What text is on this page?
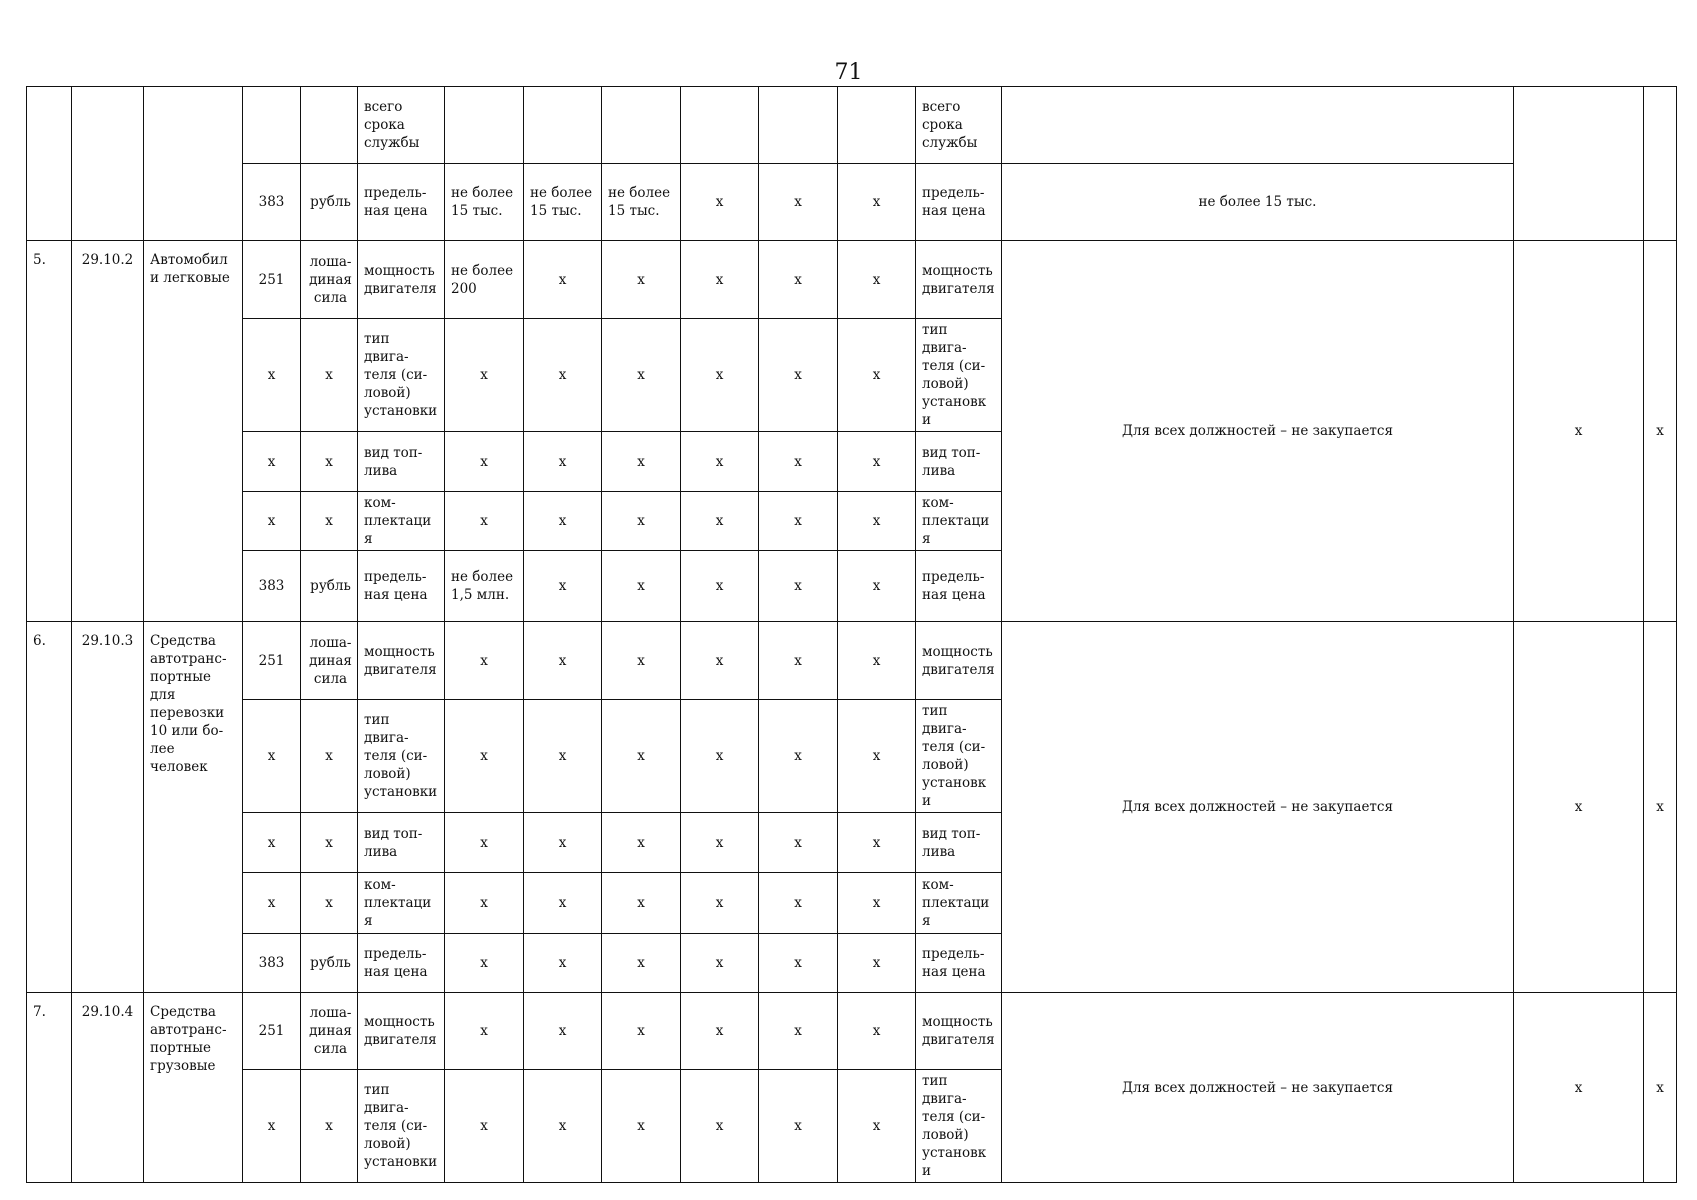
71
					всего срока службы							всего срока службы			
			383	рубль	предель-ная цена	не более 15 тыс.	не более 15 тыс.	не более 15 тыс.	х	х	х	предель-ная цена	не более 15 тыс.		
5.	29.10.2	Автомобили легковые	251	лоша-диная сила	мощность двигателя	не более 200	х	х	х	х	х	мощность двигателя	Для всех должностей – не закупается	х	х
			х	х	тип двига-теля (си-ловой) установки	х	х	х	х	х	х	тип двига-теля (си-ловой) установки			
			х	х	вид топ-лива	х	х	х	х	х	х	вид топ-лива			
			х	х	ком-плектация	х	х	х	х	х	х	ком-плектация			
			383	рубль	предель-ная цена	не более 1,5 млн.	х	х	х	х	х	предель-ная цена			
6.	29.10.3	Средства автотранс-портные для перевозки 10 или бо-лее человек	251	лоша-диная сила	мощность двигателя	х	х	х	х	х	х	мощность двигателя	Для всех должностей – не закупается	х	х
			х	х	тип двига-теля (си-ловой) установки	х	х	х	х	х	х	тип двига-теля (си-ловой) установки			
			х	х	вид топ-лива	х	х	х	х	х	х	вид топ-лива			
			х	х	ком-плектация	х	х	х	х	х	х	ком-плектация			
			383	рубль	предель-ная цена	х	х	х	х	х	х	предель-ная цена			
7.	29.10.4	Средства автотранс-портные грузовые	251	лоша-диная сила	мощность двигателя	х	х	х	х	х	х	мощность двигателя	Для всех должностей – не закупается	х	х
			х	х	тип двига-теля (си-ловой) установки	х	х	х	х	х	х	тип двига-теля (си-ловой) установки			
